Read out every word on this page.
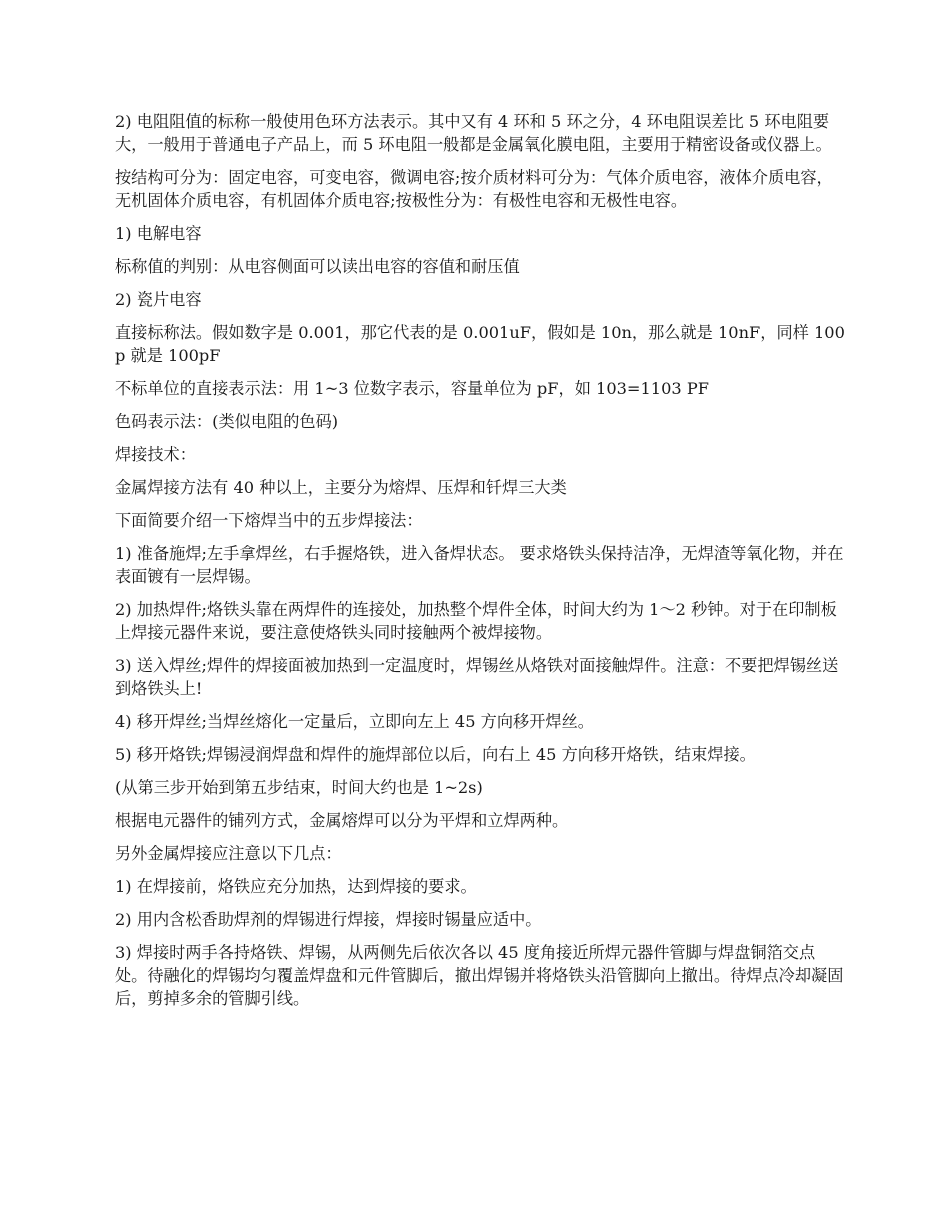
2) 电阻阻值的标称一般使用色环方法表示。其中又有 4 环和 5 环之分，4 环电阻误差比 5 环电阻要大，一般用于普通电子产品上，而 5 环电阻一般都是金属氧化膜电阻，主要用于精密设备或仪器上。

按结构可分为：固定电容，可变电容，微调电容;按介质材料可分为：气体介质电容，液体介质电容，无机固体介质电容，有机固体介质电容;按极性分为：有极性电容和无极性电容。

1) 电解电容

标称值的判别：从电容侧面可以读出电容的容值和耐压值

2) 瓷片电容

直接标称法。假如数字是 0.001，那它代表的是 0.001uF，假如是 10n，那么就是 10nF，同样 100p 就是 100pF

不标单位的直接表示法：用 1~3 位数字表示，容量单位为 pF，如 103=1103 PF

色码表示法：(类似电阻的色码)

焊接技术：

金属焊接方法有 40 种以上，主要分为熔焊、压焊和钎焊三大类

下面简要介绍一下熔焊当中的五步焊接法：

1) 准备施焊;左手拿焊丝，右手握烙铁，进入备焊状态。 要求烙铁头保持洁净，无焊渣等氧化物，并在表面镀有一层焊锡。

2) 加热焊件;烙铁头靠在两焊件的连接处，加热整个焊件全体，时间大约为 1～2 秒钟。对于在印制板上焊接元器件来说，要注意使烙铁头同时接触两个被焊接物。

3) 送入焊丝;焊件的焊接面被加热到一定温度时，焊锡丝从烙铁对面接触焊件。注意：不要把焊锡丝送到烙铁头上!

4) 移开焊丝;当焊丝熔化一定量后，立即向左上 45 方向移开焊丝。

5) 移开烙铁;焊锡浸润焊盘和焊件的施焊部位以后，向右上 45 方向移开烙铁，结束焊接。

(从第三步开始到第五步结束，时间大约也是 1~2s)

根据电元器件的铺列方式，金属熔焊可以分为平焊和立焊两种。

另外金属焊接应注意以下几点：

1) 在焊接前，烙铁应充分加热，达到焊接的要求。

2) 用内含松香助焊剂的焊锡进行焊接，焊接时锡量应适中。

3) 焊接时两手各持烙铁、焊锡，从两侧先后依次各以 45 度角接近所焊元器件管脚与焊盘铜箔交点处。待融化的焊锡均匀覆盖焊盘和元件管脚后，撤出焊锡并将烙铁头沿管脚向上撤出。待焊点冷却凝固后，剪掉多余的管脚引线。
